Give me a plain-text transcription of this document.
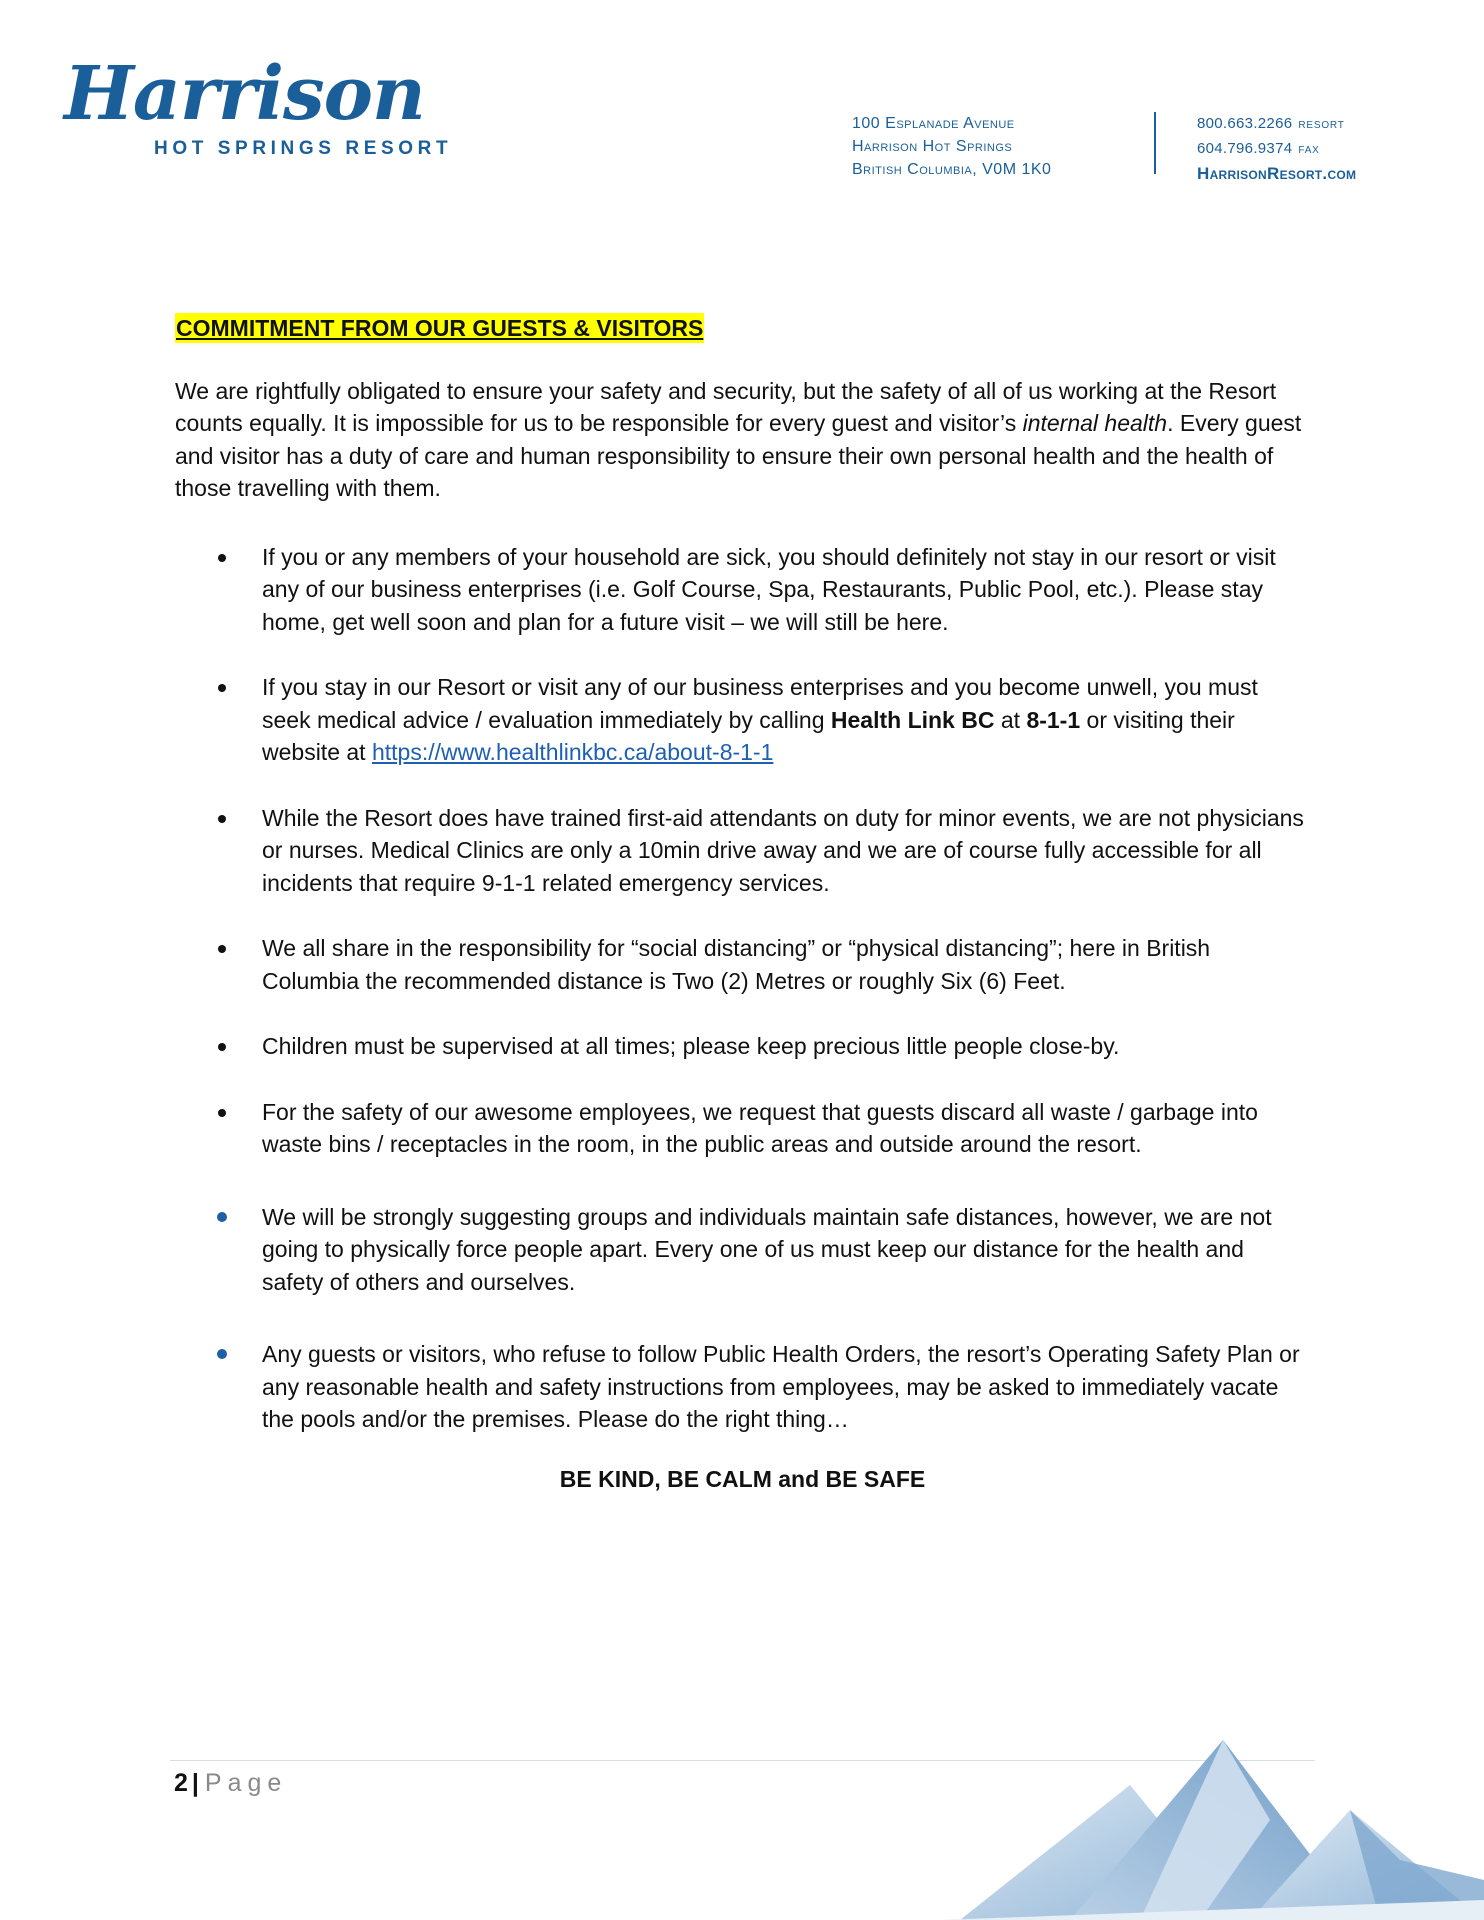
Harrison
HOT SPRINGS RESORT
100 Esplanade Avenue
Harrison Hot Springs
British Columbia, V0M 1K0
800.663.2266 RESORT
604.796.9374 FAX
HarrisonResort.com
COMMITMENT FROM OUR GUESTS & VISITORS

We are rightfully obligated to ensure your safety and security, but the safety of all of us working at the Resort counts equally. It is impossible for us to be responsible for every guest and visitor’s internal health. Every guest and visitor has a duty of care and human responsibility to ensure their own personal health and the health of those travelling with them.

If you or any members of your household are sick, you should definitely not stay in our resort or visit any of our business enterprises (i.e. Golf Course, Spa, Restaurants, Public Pool, etc.). Please stay home, get well soon and plan for a future visit – we will still be here.
If you stay in our Resort or visit any of our business enterprises and you become unwell, you must seek medical advice / evaluation immediately by calling Health Link BC at 8-1-1 or visiting their website at https://www.healthlinkbc.ca/about-8-1-1
While the Resort does have trained first-aid attendants on duty for minor events, we are not physicians or nurses. Medical Clinics are only a 10min drive away and we are of course fully accessible for all incidents that require 9-1-1 related emergency services.
We all share in the responsibility for “social distancing” or “physical distancing”; here in British Columbia the recommended distance is Two (2) Metres or roughly Six (6) Feet.
Children must be supervised at all times; please keep precious little people close-by.
For the safety of our awesome employees, we request that guests discard all waste / garbage into waste bins / receptacles in the room, in the public areas and outside around the resort.
We will be strongly suggesting groups and individuals maintain safe distances, however, we are not going to physically force people apart. Every one of us must keep our distance for the health and safety of others and ourselves.
Any guests or visitors, who refuse to follow Public Health Orders, the resort’s Operating Safety Plan or any reasonable health and safety instructions from employees, may be asked to immediately vacate the pools and/or the premises. Please do the right thing…
BE KIND, BE CALM and BE SAFE
2 | Page
